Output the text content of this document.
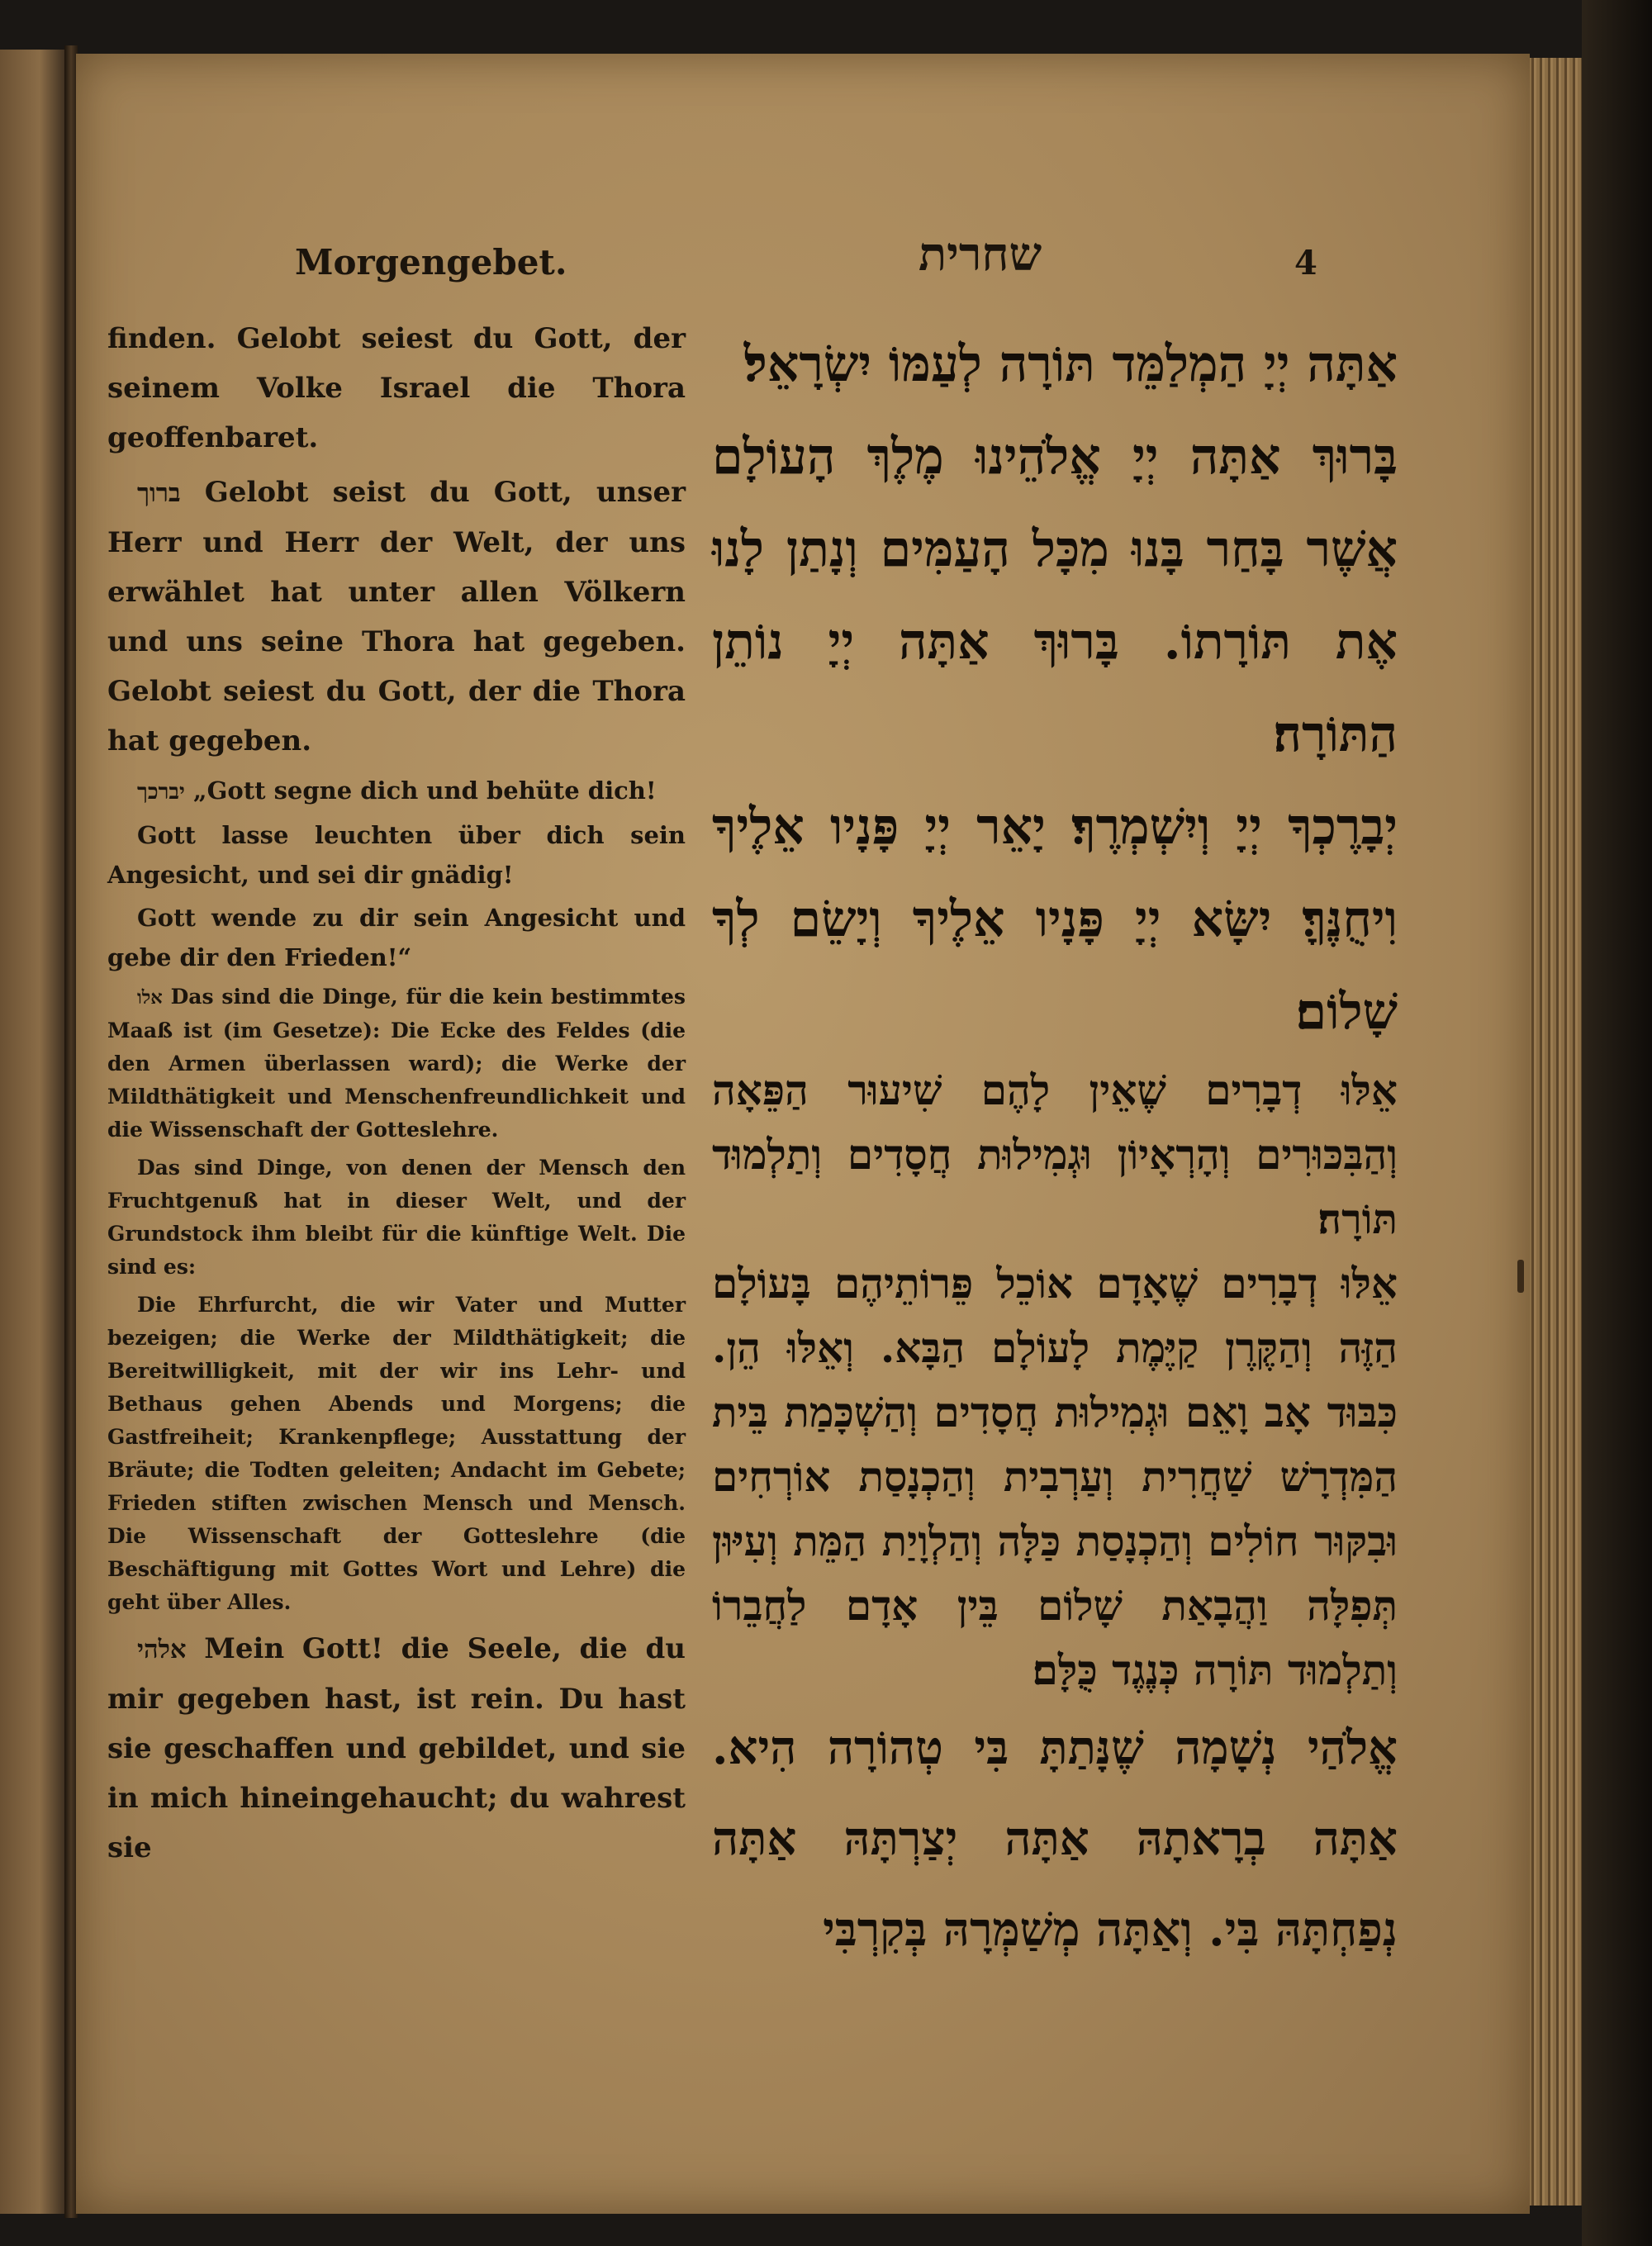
Morgengebet.	שחרית	4

finden. Gelobt seiest du Gott, der seinem Volke Israel die Thora geoffenbaret.

ברוך Gelobt seist du Gott, unser Herr und Herr der Welt, der uns erwählet hat unter allen Völkern und uns seine Thora hat gegeben. Gelobt seiest du Gott, der die Thora hat gegeben.

יברכך „Gott segne dich und behüte dich!

Gott lasse leuchten über dich sein Angesicht, und sei dir gnädig!

Gott wende zu dir sein Angesicht und gebe dir den Frieden!“

אלו Das sind die Dinge, für die kein bestimmtes Maaß ist (im Gesetze): Die Ecke des Feldes (die den Armen überlassen ward); die Werke der Mildthätigkeit und Menschenfreundlichkeit und die Wissenschaft der Gotteslehre.

Das sind Dinge, von denen der Mensch den Fruchtgenuß hat in dieser Welt, und der Grundstock ihm bleibt für die künftige Welt. Die sind es:

Die Ehrfurcht, die wir Vater und Mutter bezeigen; die Werke der Mildthätigkeit; die Bereitwilligkeit, mit der wir ins Lehr- und Bethaus gehen Abends und Morgens; die Gastfreiheit; Krankenpflege; Ausstattung der Bräute; die Todten geleiten; Andacht im Gebete; Frieden stiften zwischen Mensch und Mensch. Die Wissenschaft der Gotteslehre (die Beschäftigung mit Gottes Wort und Lehre) die geht über Alles.

אלהי Mein Gott! die Seele, die du mir gegeben hast, ist rein. Du hast sie geschaffen und gebildet, und sie in mich hineingehaucht; du wahrest sie

אַתָּה יְיָ הַמְלַמֵּד תּוֹרָה לְעַמּוֹ יִשְׂרָאֵל׃

בָּרוּךְ אַתָּה יְיָ אֱלֹהֵינוּ מֶלֶךְ הָעוֹלָם אֲשֶׁר בָּחַר בָּנוּ מִכָּל הָעַמִּים וְנָתַן לָנוּ אֶת תּוֹרָתוֹ. בָּרוּךְ אַתָּה יְיָ נוֹתֵן הַתּוֹרָה׃

יְבָרֶכְךָ יְיָ וְיִשְׁמְרֶךָ׃ יָאֵר יְיָ פָּנָיו אֵלֶיךָ וִיחֻנֶּךָּ׃ יִשָּׂא יְיָ פָּנָיו אֵלֶיךָ וְיָשֵׂם לְךָ שָׁלוֹם׃

אֵלּוּ דְבָרִים שֶׁאֵין לָהֶם שִׁיעוּר הַפֵּאָה וְהַבִּכּוּרִים וְהָרְאָיוֹן וּגְמִילוּת חֲסָדִים וְתַלְמוּד תּוֹרָה׃

אֵלּוּ דְבָרִים שֶׁאָדָם אוֹכֵל פֵּרוֹתֵיהֶם בָּעוֹלָם הַזֶּה וְהַקֶּרֶן קַיֶּמֶת לָעוֹלָם הַבָּא. וְאֵלּוּ הֵן. כִּבּוּד אָב וָאֵם וּגְמִילוּת חֲסָדִים וְהַשְׁכָּמַת בֵּית הַמִּדְרָשׁ שַׁחֲרִית וְעַרְבִית וְהַכְנָסַת אוֹרְחִים וּבִקּוּר חוֹלִים וְהַכְנָסַת כַּלָּה וְהַלְוָיַת הַמֵּת וְעִיּוּן תְּפִלָּה וַהֲבָאַת שָׁלוֹם בֵּין אָדָם לַחֲבֵרוֹ וְתַלְמוּד תּוֹרָה כְּנֶגֶד כֻּלָּם׃

אֱלֹהַי נְשָׁמָה שֶׁנָּתַתָּ בִּי טְהוֹרָה הִיא. אַתָּה בְרָאתָהּ אַתָּה יְצַרְתָּהּ אַתָּה נְפַחְתָּהּ בִּי. וְאַתָּה מְשַׁמְּרָהּ בְּקִרְבִּי
